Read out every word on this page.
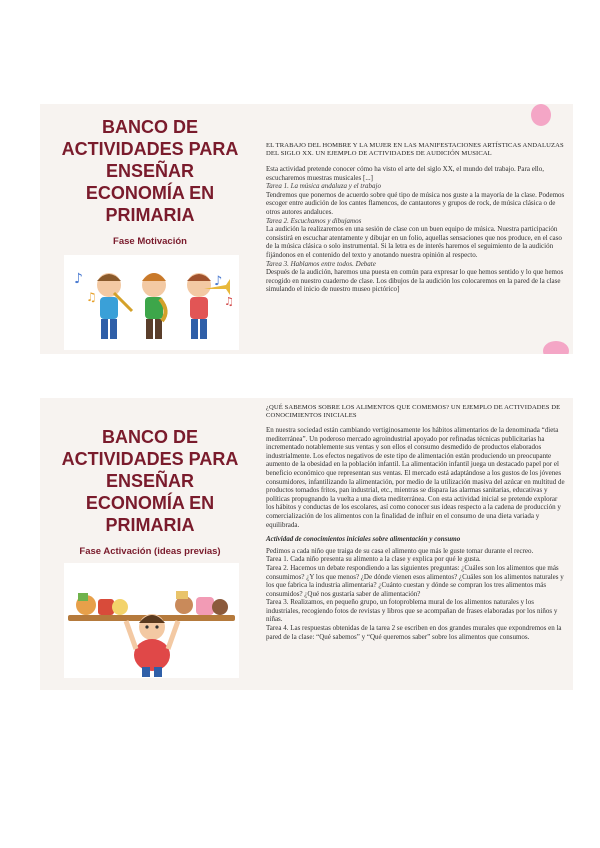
BANCO DE
ACTIVIDADES PARA
ENSEÑAR
ECONOMÍA EN
PRIMARIA
Fase Motivación
♪
♫
♪
♫

EL TRABAJO DEL HOMBRE Y LA MUJER EN LAS MANIFESTACIONES ARTÍSTICAS ANDALUZAS DEL SIGLO XX. UN EJEMPLO DE ACTIVIDADES DE AUDICIÓN MUSICAL

Esta actividad pretende conocer cómo ha visto el arte del siglo XX, el mundo del trabajo. Para ello, escucharemos muestras musicales [...]

Tarea 1. La música andaluza y el trabajo

Tendremos que ponernos de acuerdo sobre qué tipo de música nos guste a la mayoría de la clase. Podemos escoger entre audición de los cantes flamencos, de cantautores y grupos de rock, de música clásica o de otros autores andaluces.

Tarea 2. Escuchamos y dibujamos

La audición la realizaremos en una sesión de clase con un buen equipo de música. Nuestra participación consistirá en escuchar atentamente y dibujar en un folio, aquellas sensaciones que nos produce, en el caso de la música clásica o solo instrumental. Si la letra es de interés haremos el seguimiento de la audición fijándonos en el contenido del texto y anotando nuestra opinión al respecto.

Tarea 3. Hablamos entre todos. Debate

Después de la audición, haremos una puesta en común para expresar lo que hemos sentido y lo que hemos recogido en nuestro cuaderno de clase. Los dibujos de la audición los colocaremos en la pared de la clase simulando el inicio de nuestro museo pictórico]

BANCO DE
ACTIVIDADES PARA
ENSEÑAR
ECONOMÍA EN
PRIMARIA
Fase Activación (ideas previas)

¿QUÉ SABEMOS SOBRE LOS ALIMENTOS QUE COMEMOS? UN EJEMPLO DE ACTIVIDADES DE CONOCIMIENTOS INICIALES

En nuestra sociedad están cambiando vertiginosamente los hábitos alimentarios de la denominada “dieta mediterránea”. Un poderoso mercado agroindustrial apoyado por refinadas técnicas publicitarias ha incrementado notablemente sus ventas y son ellos el consumo desmedido de productos elaborados industrialmente. Los efectos negativos de este tipo de alimentación están produciendo un preocupante aumento de la obesidad en la población infantil. La alimentación infantil juega un destacado papel por el beneficio económico que representan sus ventas. El mercado está adaptándose a los gustos de los jóvenes consumidores, infantilizando la alimentación, por medio de la utilización masiva del azúcar en multitud de productos tomados fritos, pan industrial, etc., mientras se dispara las alarmas sanitarias, educativas y políticas propugnando la vuelta a una dieta mediterránea. Con esta actividad inicial se pretende explorar los hábitos y conductas de los escolares, así como conocer sus ideas respecto a la cadena de producción y comercialización de los alimentos con la finalidad de influir en el consumo de una dieta variada y equilibrada.

Actividad de conocimientos iniciales sobre alimentación y consumo

Pedimos a cada niño que traiga de su casa el alimento que más le guste tomar durante el recreo.

Tarea 1. Cada niño presenta su alimento a la clase y explica por qué le gusta.

Tarea 2. Hacemos un debate respondiendo a las siguientes preguntas: ¿Cuáles son los alimentos que más consumimos? ¿Y los que menos? ¿De dónde vienen esos alimentos? ¿Cuáles son los alimentos naturales y los que fabrica la industria alimentaria? ¿Cuánto cuestan y dónde se compran los tres alimentos más consumidos? ¿Qué nos gustaría saber de alimentación?

Tarea 3. Realizamos, en pequeño grupo, un fotoproblema mural de los alimentos naturales y los industriales, recogiendo fotos de revistas y libros que se acompañan de frases elaboradas por los niños y niñas.

Tarea 4. Las respuestas obtenidas de la tarea 2 se escriben en dos grandes murales que expondremos en la pared de la clase: “Qué sabemos” y “Qué queremos saber” sobre los alimentos que consumos.
